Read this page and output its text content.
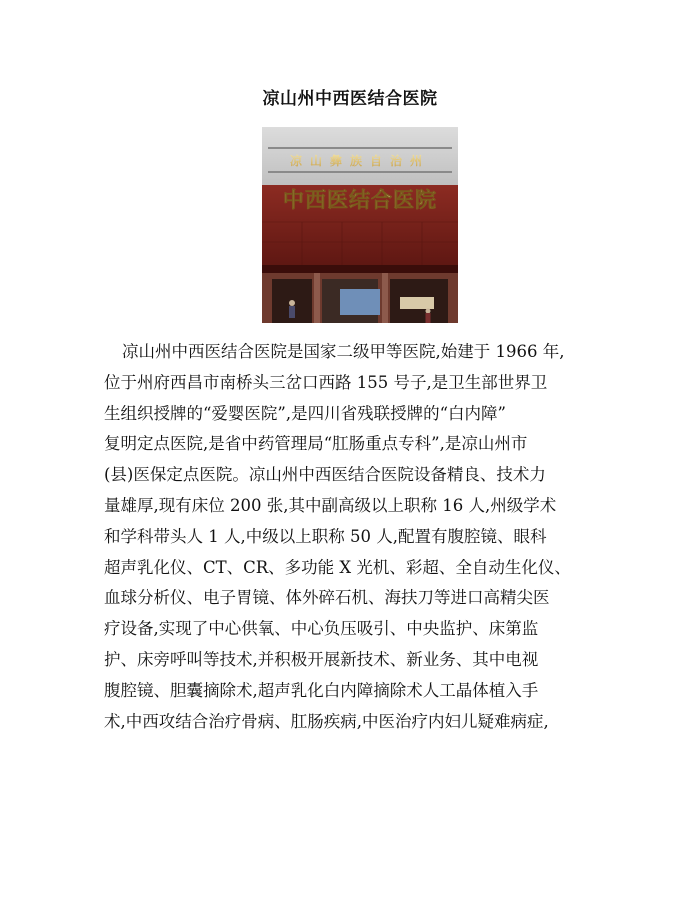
凉山州中西医结合医院
凉山彝族自治州
中西医结合医院
凉山州中西医结合医院是国家二级甲等医院,始建于 1966 年,
位于州府西昌市南桥头三岔口西路 155 号子,是卫生部世界卫
生组织授牌的“爱婴医院”,是四川省残联授牌的“白内障”
复明定点医院,是省中药管理局“肛肠重点专科”,是凉山州市
(县)医保定点医院。凉山州中西医结合医院设备精良、技术力
量雄厚,现有床位 200 张,其中副高级以上职称 16 人,州级学术
和学科带头人 1 人,中级以上职称 50 人,配置有腹腔镜、眼科
超声乳化仪、CT、CR、多功能 X 光机、彩超、全自动生化仪、
血球分析仪、电子胃镜、体外碎石机、海扶刀等进口高精尖医
疗设备,实现了中心供氧、中心负压吸引、中央监护、床第监
护、床旁呼叫等技术,并积极开展新技术、新业务、其中电视
腹腔镜、胆囊摘除术,超声乳化白内障摘除术人工晶体植入手
术,中西攻结合治疗骨病、肛肠疾病,中医治疗内妇儿疑难病症,
